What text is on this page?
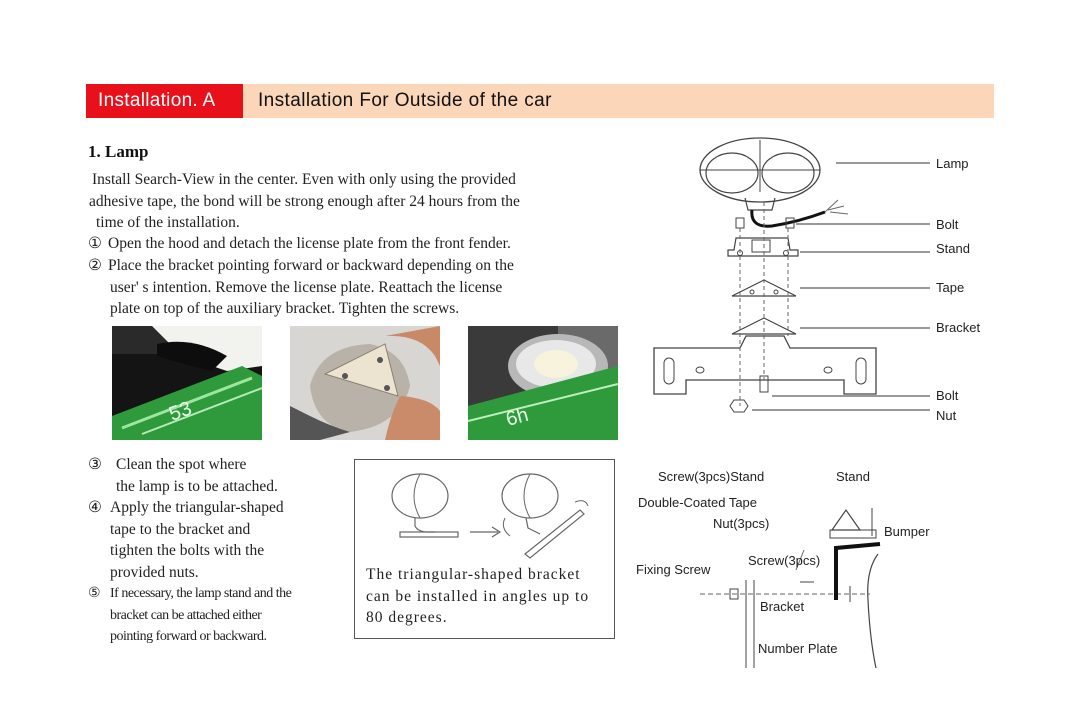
Installation. A	Installation For Outside of the car
1. Lamp

Install Search-View in the center. Even with only using the provided

adhesive tape, the bond will be strong enough after 24 hours from the

time of the installation.

① Open the hood and detach the license plate from the front fender.
② Place the bracket pointing forward or backward depending on the
user' s intention. Remove the license plate. Reattach the license
plate on top of the auxiliary bracket. Tighten the screws.
53	6h
③ Clean the spot where
the lamp is to be attached.
④ Apply the triangular-shaped
tape to the bracket and
tighten the bolts with the
provided nuts.
⑤ If necessary, the lamp stand and the
bracket can be attached either
pointing forward or backward.
The triangular-shaped bracket
can be installed in angles up to
80 degrees.
Lamp
Bolt
Stand
Tape
Bracket
Bolt
Nut
Screw(3pcs)Stand	Stand
Double-Coated Tape
Nut(3pcs)
Bumper
Screw(3pcs)
Fixing Screw
Bracket
Number Plate
